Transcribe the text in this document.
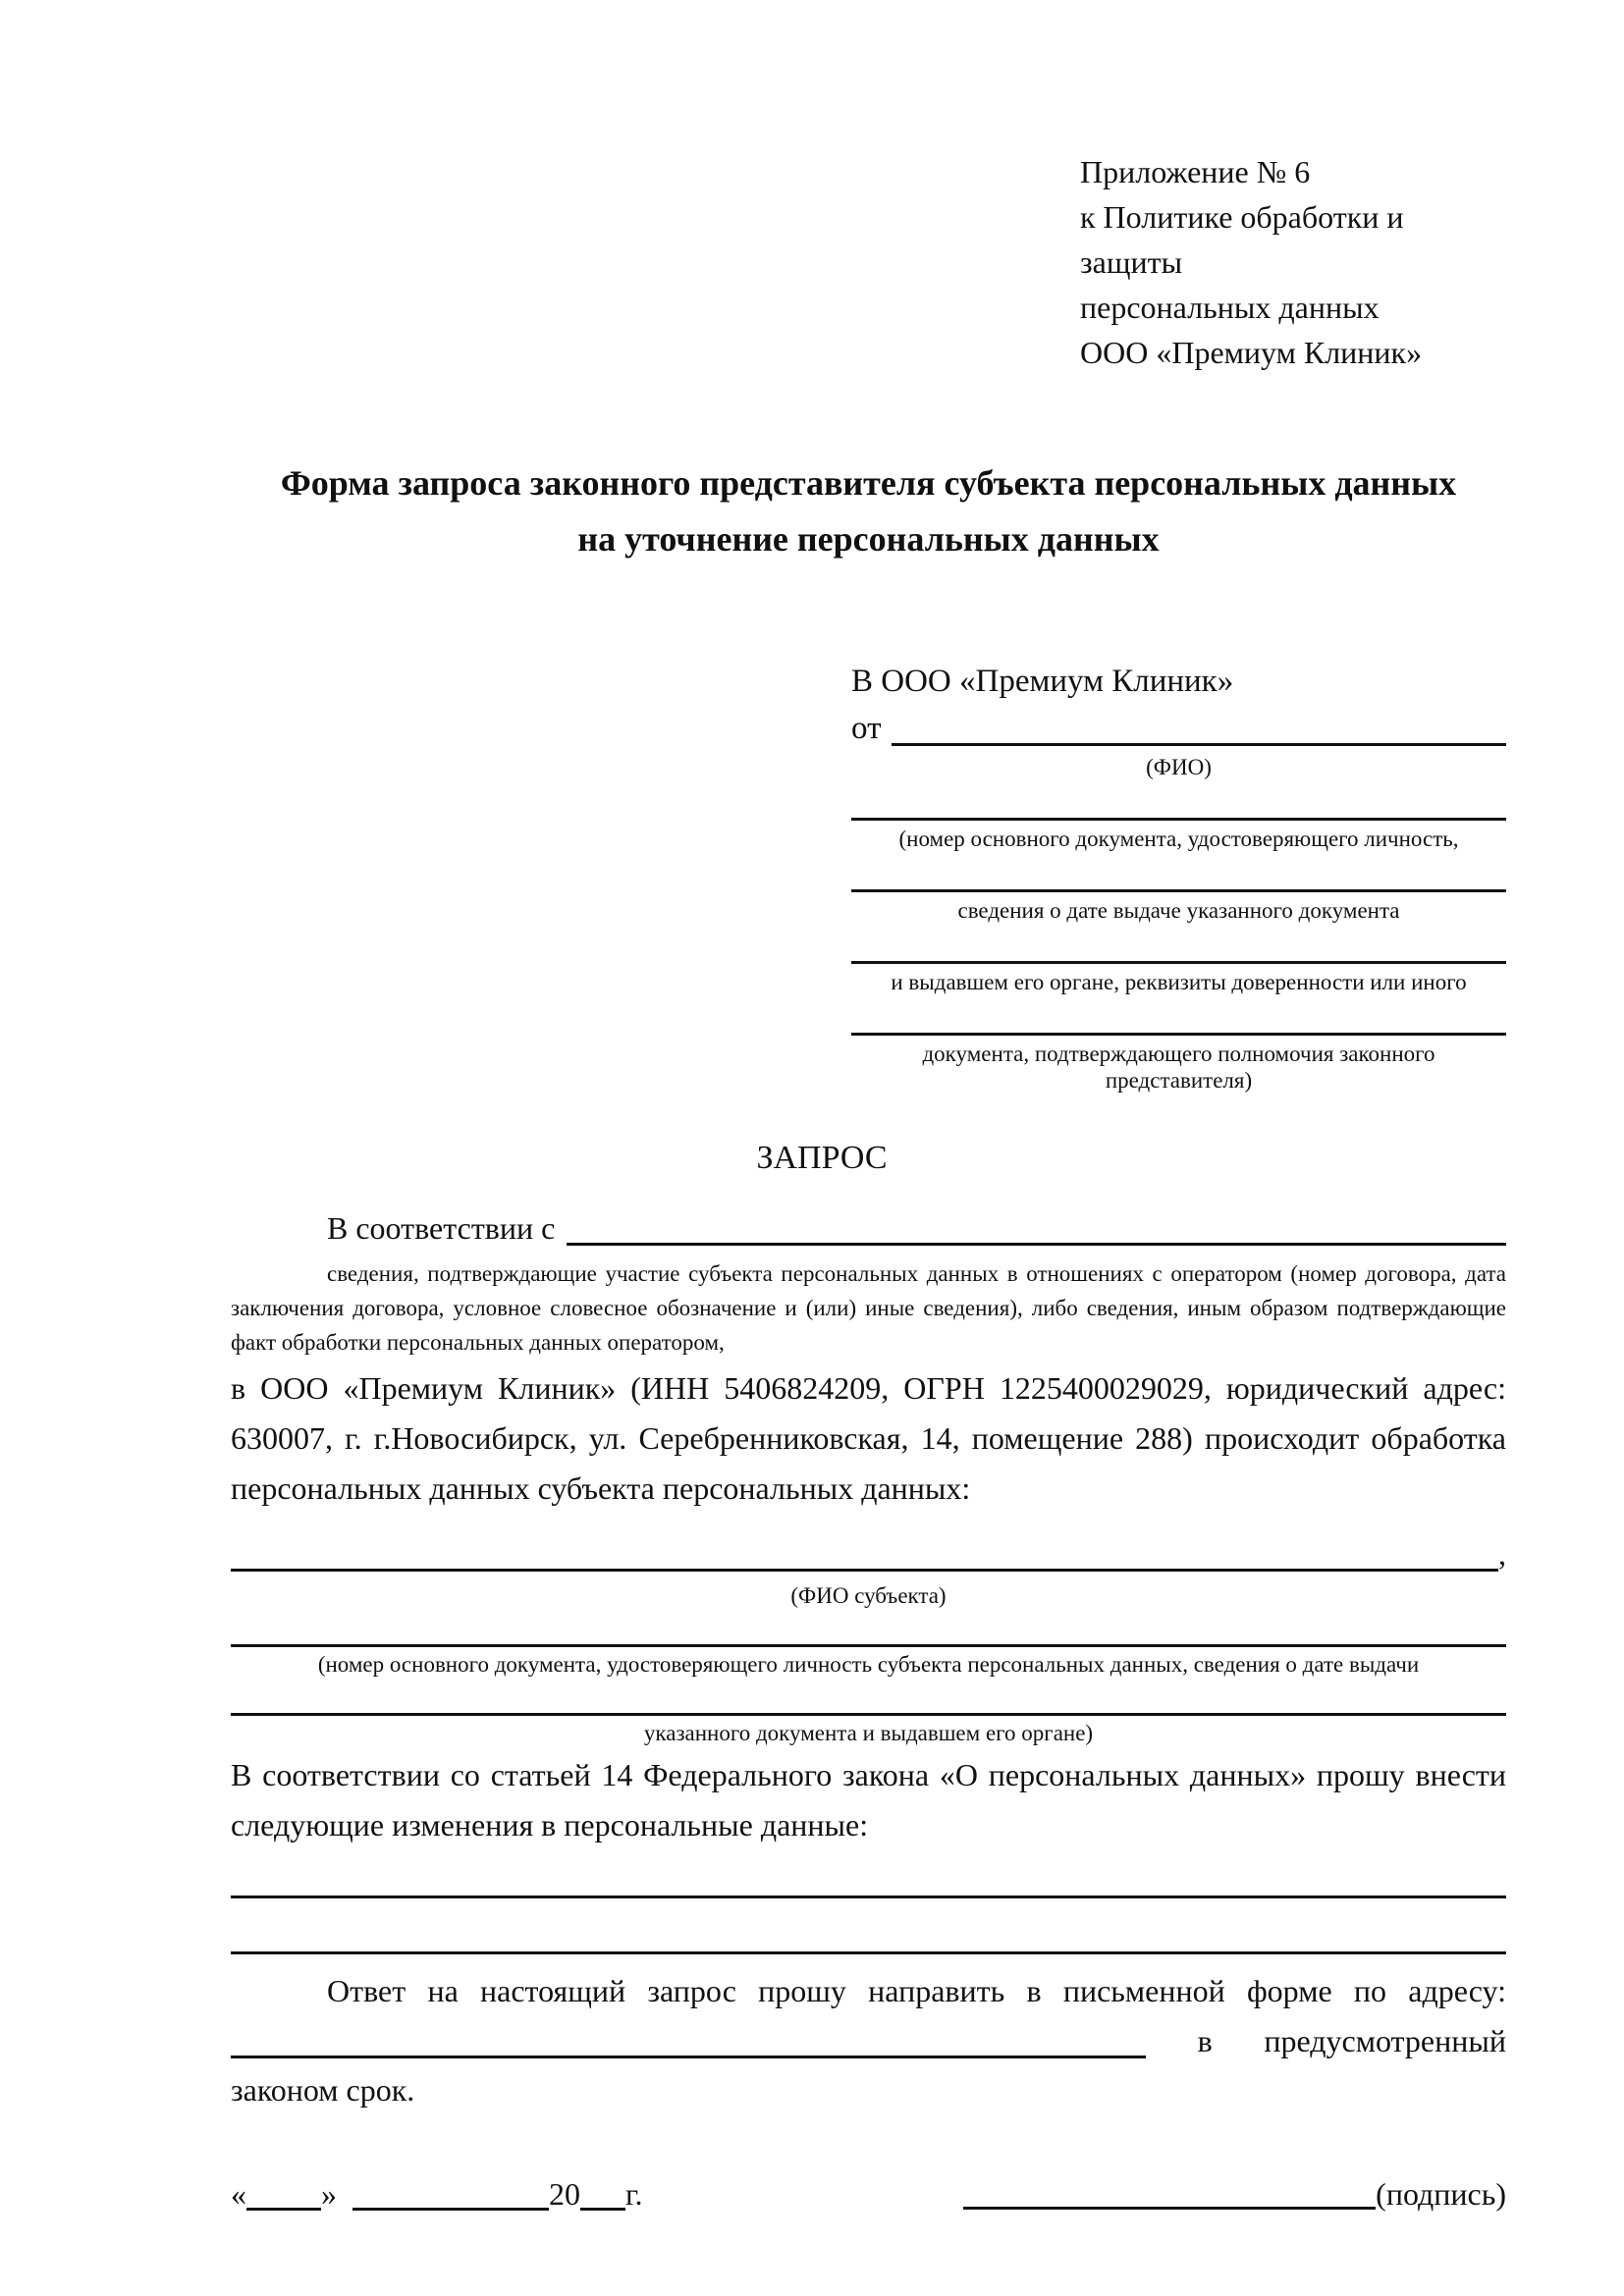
Приложение № 6
к Политике обработки и защиты
персональных данных
ООО «Премиум Клиник»
Форма запроса законного представителя субъекта персональных данных
на уточнение персональных данных
В ООО «Премиум Клиник»
от
(ФИО)
(номер основного документа, удостоверяющего личность,
сведения о дате выдаче указанного документа
и выдавшем его органе, реквизиты доверенности или иного
документа, подтверждающего полномочия законного представителя)
ЗАПРОС
В соответствии с
сведения, подтверждающие участие субъекта персональных данных в отношениях с оператором (номер договора, дата заключения договора, условное словесное обозначение и (или) иные сведения), либо сведения, иным образом подтверждающие факт обработки персональных данных оператором,

в ООО «Премиум Клиник» (ИНН 5406824209, ОГРН 1225400029029, юридический адрес: 630007, г. г.Новосибирск, ул. Серебренниковская, 14, помещение 288) происходит обработка персональных данных субъекта персональных данных:

,
(ФИО субъекта)
(номер основного документа, удостоверяющего личность субъекта персональных данных, сведения о дате выдачи
указанного документа и выдавшем его органе)

В соответствии со статьей 14 Федерального закона «О персональных данных» прошу внести следующие изменения в персональные данные:

Ответ на настоящий запрос прошу направить в письменной форме по адресу:

в предусмотренный

законом срок.

« »	20 г.	(подпись)
